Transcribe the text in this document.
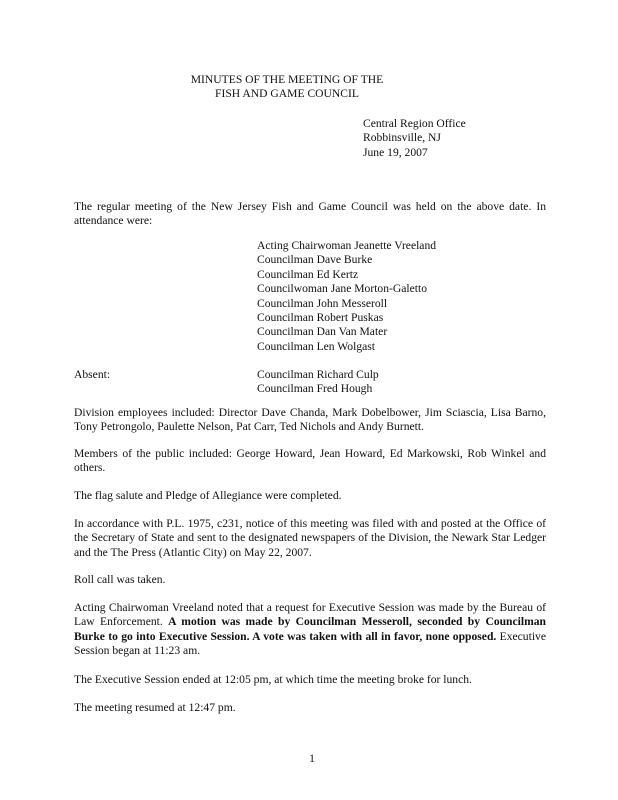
MINUTES OF THE MEETING OF THE
FISH AND GAME COUNCIL
Central Region Office
Robbinsville, NJ
June 19, 2007

The regular meeting of the New Jersey Fish and Game Council was held on the above date. In attendance were:

Acting Chairwoman Jeanette Vreeland
Councilman Dave Burke
Councilman Ed Kertz
Councilwoman Jane Morton-Galetto
Councilman John Messeroll
Councilman Robert Puskas
Councilman Dan Van Mater
Councilman Len Wolgast
Absent:	Councilman Richard Culp
Councilman Fred Hough

Division employees included: Director Dave Chanda, Mark Dobelbower, Jim Sciascia, Lisa Barno, Tony Petrongolo, Paulette Nelson, Pat Carr, Ted Nichols and Andy Burnett.

Members of the public included: George Howard, Jean Howard, Ed Markowski, Rob Winkel and others.

The flag salute and Pledge of Allegiance were completed.

In accordance with P.L. 1975, c231, notice of this meeting was filed with and posted at the Office of the Secretary of State and sent to the designated newspapers of the Division, the Newark Star Ledger and the The Press (Atlantic City) on May 22, 2007.

Roll call was taken.

Acting Chairwoman Vreeland noted that a request for Executive Session was made by the Bureau of Law Enforcement. A motion was made by Councilman Messeroll, seconded by Councilman Burke to go into Executive Session. A vote was taken with all in favor, none opposed. Executive Session began at 11:23 am.

The Executive Session ended at 12:05 pm, at which time the meeting broke for lunch.

The meeting resumed at 12:47 pm.

1
